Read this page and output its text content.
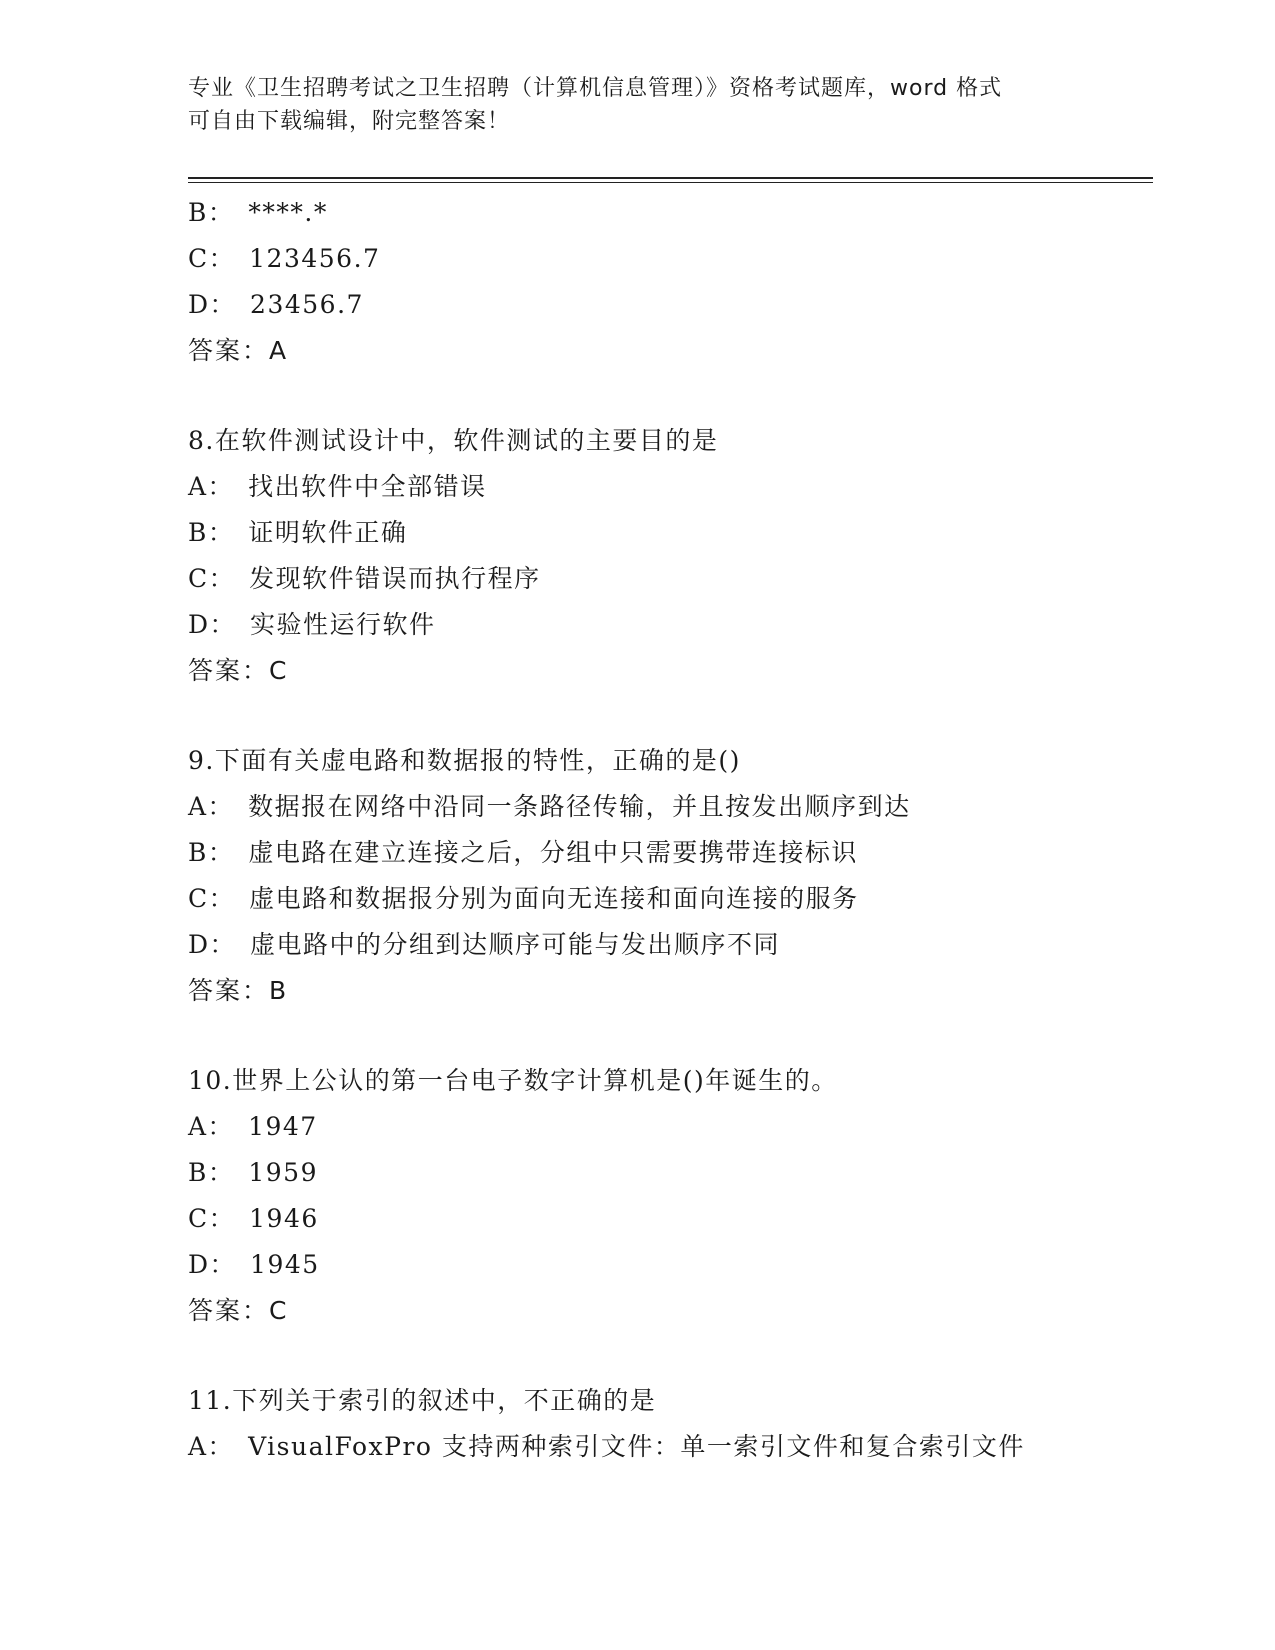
专业《卫生招聘考试之卫生招聘（计算机信息管理）》资格考试题库，word 格式
可自由下载编辑，附完整答案！
B： ****.*
C： 123456.7
D： 23456.7
答案：A
8.在软件测试设计中，软件测试的主要目的是
A： 找出软件中全部错误
B： 证明软件正确
C： 发现软件错误而执行程序
D： 实验性运行软件
答案：C
9.下面有关虚电路和数据报的特性，正确的是()
A： 数据报在网络中沿同一条路径传输，并且按发出顺序到达
B： 虚电路在建立连接之后，分组中只需要携带连接标识
C： 虚电路和数据报分别为面向无连接和面向连接的服务
D： 虚电路中的分组到达顺序可能与发出顺序不同
答案：B
10.世界上公认的第一台电子数字计算机是()年诞生的。
A： 1947
B： 1959
C： 1946
D： 1945
答案：C
11.下列关于索引的叙述中，不正确的是
A： VisualFoxPro 支持两种索引文件：单一索引文件和复合索引文件
